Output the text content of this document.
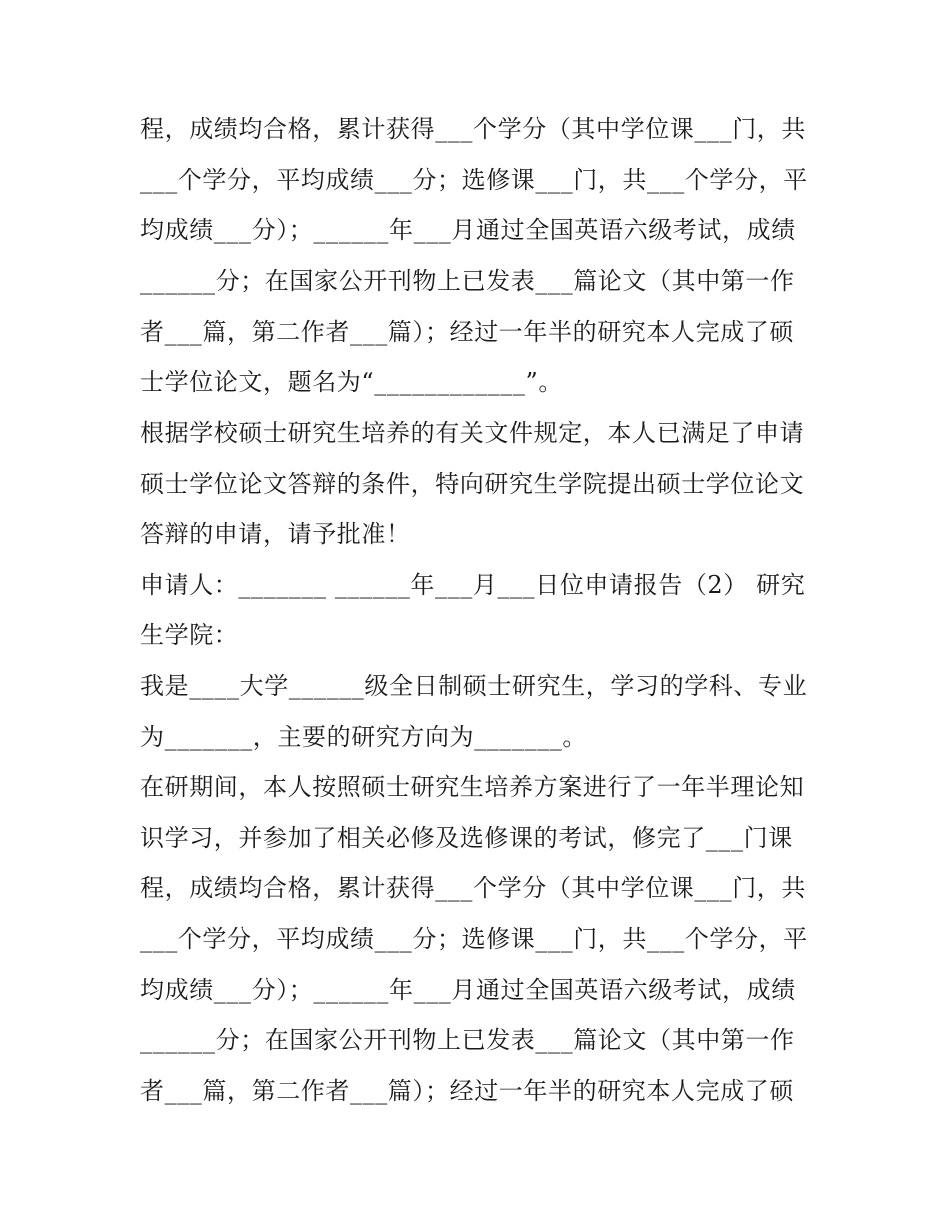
程，成绩均合格，累计获得___个学分（其中学位课___门，共
___个学分，平均成绩___分；选修课___门，共___个学分，平
均成绩___分）；______年___月通过全国英语六级考试，成绩
______分；在国家公开刊物上已发表___篇论文（其中第一作
者___篇，第二作者___篇）；经过一年半的研究本人完成了硕
士学位论文，题名为“____________”。
根据学校硕士研究生培养的有关文件规定，本人已满足了申请
硕士学位论文答辩的条件，特向研究生学院提出硕士学位论文
答辩的申请，请予批准！
申请人：_______ ______年___月___日位申请报告（2） 研究
生学院：
我是____大学______级全日制硕士研究生，学习的学科、专业
为_______，主要的研究方向为_______。
在研期间，本人按照硕士研究生培养方案进行了一年半理论知
识学习，并参加了相关必修及选修课的考试，修完了___门课
程，成绩均合格，累计获得___个学分（其中学位课___门，共
___个学分，平均成绩___分；选修课___门，共___个学分，平
均成绩___分）；______年___月通过全国英语六级考试，成绩
______分；在国家公开刊物上已发表___篇论文（其中第一作
者___篇，第二作者___篇）；经过一年半的研究本人完成了硕
